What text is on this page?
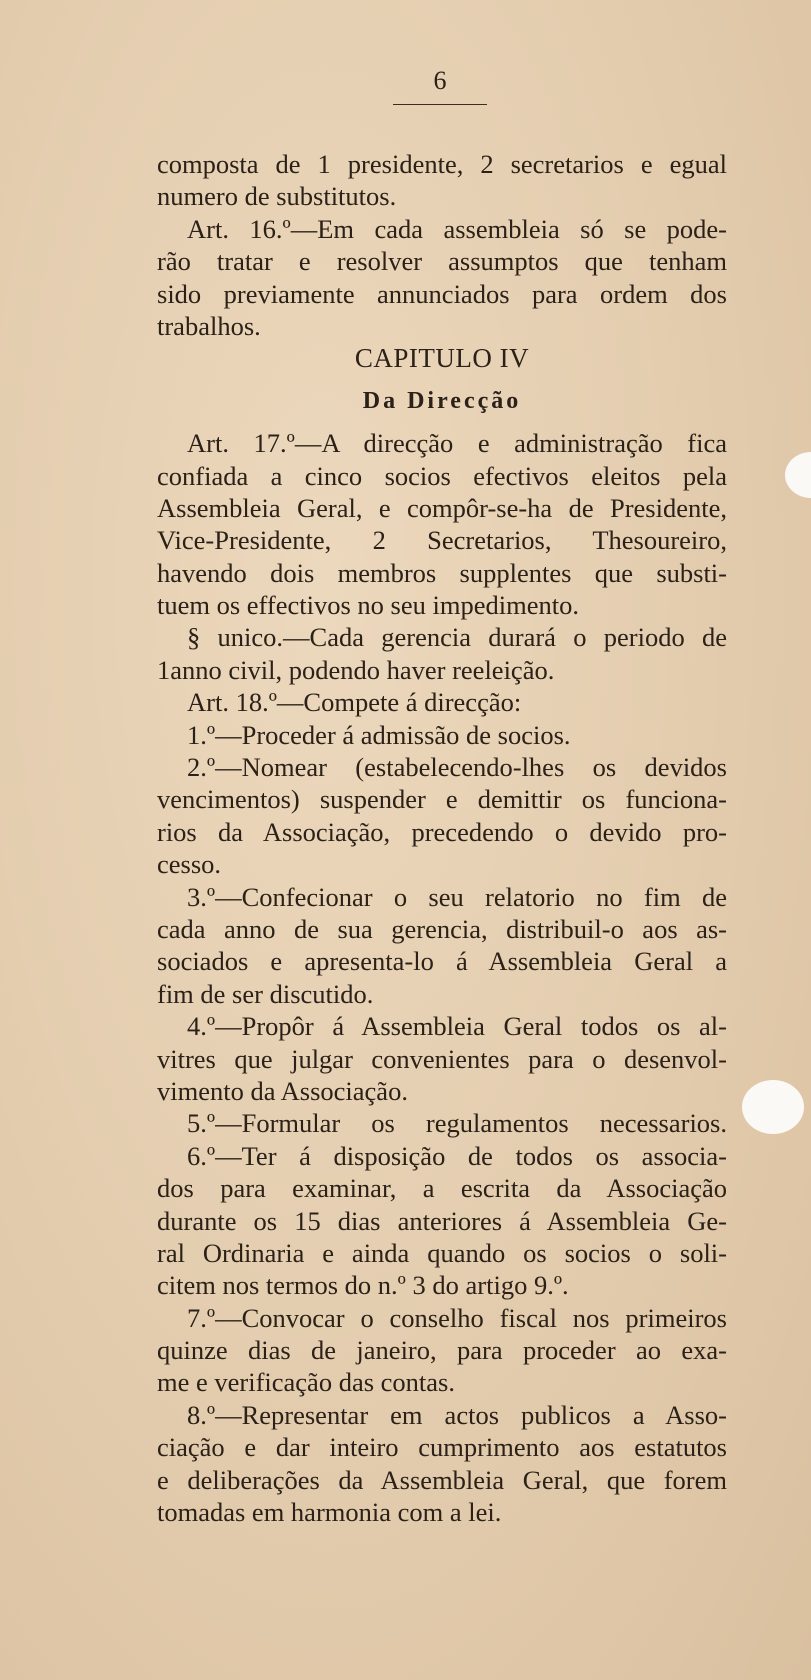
6
composta de 1 presidente, 2 secretarios e egual
numero de substitutos.
Art. 16.º—Em cada assembleia só se pode-
rão tratar e resolver assumptos que tenham
sido previamente annunciados para ordem dos
trabalhos.
CAPITULO IV
Da Direcção
Art. 17.º—A direcção e administração fica
confiada a cinco socios efectivos eleitos pela
Assembleia Geral, e compôr-se-ha de Presidente,
Vice-Presidente, 2 Secretarios, Thesoureiro,
havendo dois membros supplentes que substi-
tuem os effectivos no seu impedimento.
§ unico.—Cada gerencia durará o periodo de
1anno civil, podendo haver reeleição.
Art. 18.º—Compete á direcção:
1.º—Proceder á admissão de socios.
2.º—Nomear (estabelecendo-lhes os devidos
vencimentos) suspender e demittir os funciona-
rios da Associação, precedendo o devido pro-
cesso.
3.º—Confecionar o seu relatorio no fim de
cada anno de sua gerencia, distribuil-o aos as-
sociados e apresenta-lo á Assembleia Geral a
fim de ser discutido.
4.º—Propôr á Assembleia Geral todos os al-
vitres que julgar convenientes para o desenvol-
vimento da Associação.
5.º—Formular os regulamentos necessarios.
6.º—Ter á disposição de todos os associa-
dos para examinar, a escrita da Associação
durante os 15 dias anteriores á Assembleia Ge-
ral Ordinaria e ainda quando os socios o soli-
citem nos termos do n.º 3 do artigo 9.º.
7.º—Convocar o conselho fiscal nos primeiros
quinze dias de janeiro, para proceder ao exa-
me e verificação das contas.
8.º—Representar em actos publicos a Asso-
ciação e dar inteiro cumprimento aos estatutos
e deliberações da Assembleia Geral, que forem
tomadas em harmonia com a lei.
